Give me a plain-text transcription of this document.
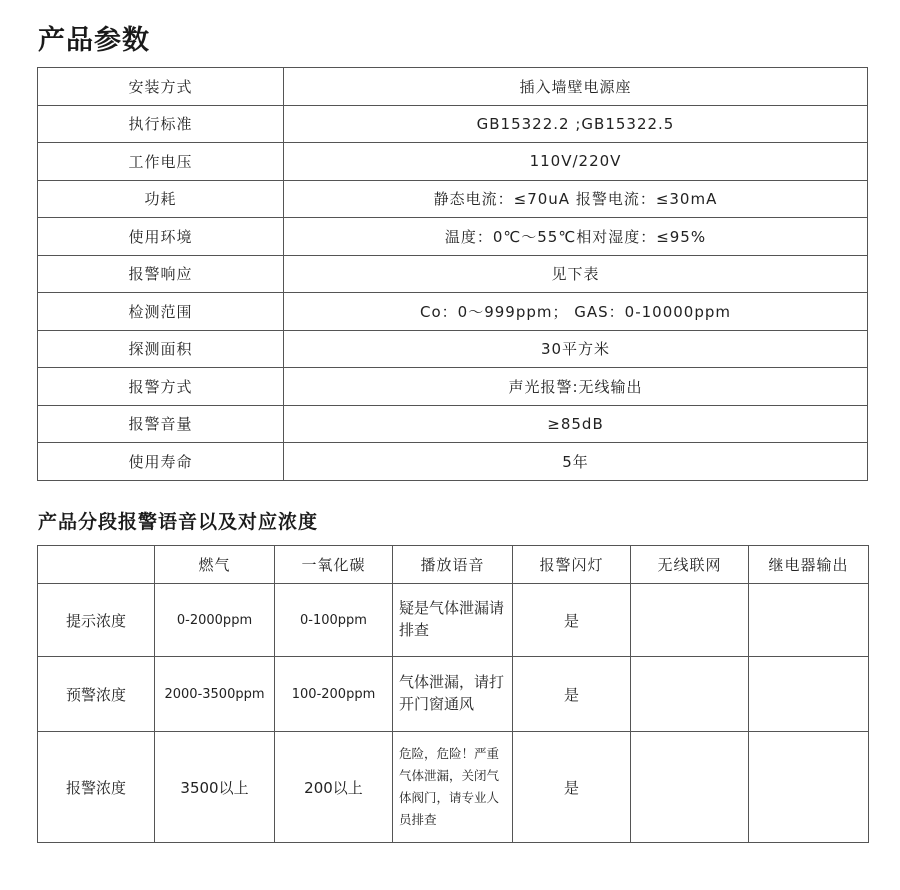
产品参数
安装方式	插入墙壁电源座
执行标准	GB15322.2 ;GB15322.5
工作电压	110V/220V
功耗	静态电流：≤70uA 报警电流：≤30mA
使用环境	温度：0℃～55℃相对湿度：≤95%
报警响应	见下表
检测范围	Co：0～999ppm； GAS：0-10000ppm
探测面积	30平方米
报警方式	声光报警:无线输出
报警音量	≥85dB
使用寿命	5年
产品分段报警语音以及对应浓度
	燃气	一氧化碳	播放语音	报警闪灯	无线联网	继电器输出
提示浓度	0-2000ppm	0-100ppm	疑是气体泄漏请排查	是		
预警浓度	2000-3500ppm	100-200ppm	气体泄漏，请打开门窗通风	是		
报警浓度	3500以上	200以上	危险，危险！严重气体泄漏，关闭气体阀门，请专业人员排查	是		
